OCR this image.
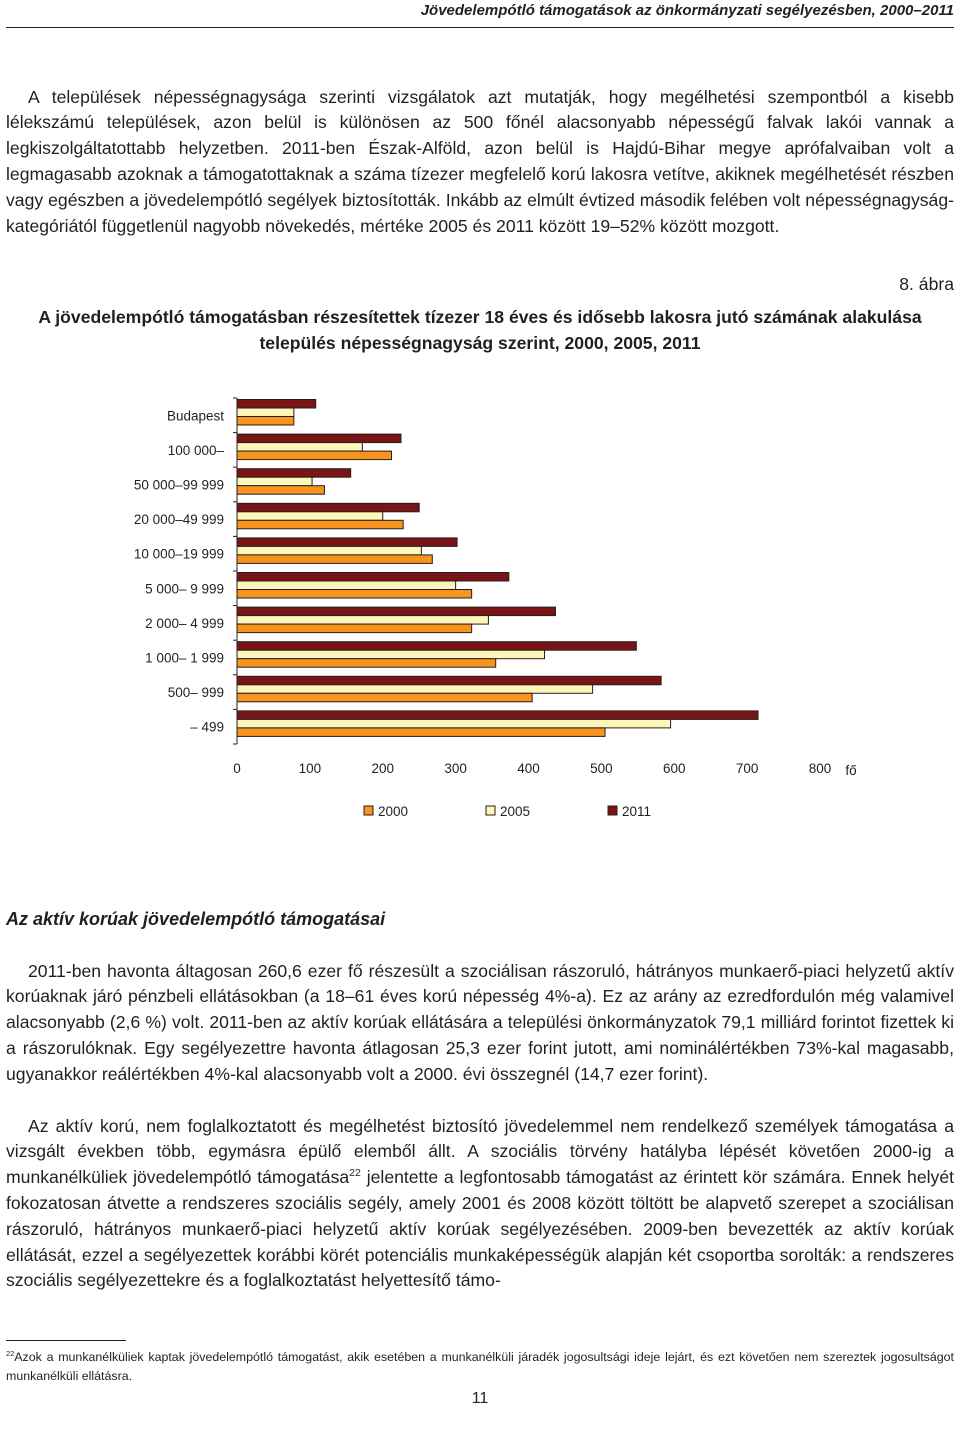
Jövedelempótló támogatások az önkormányzati segélyezésben, 2000–2011

A települések népességnagysága szerinti vizsgálatok azt mutatják, hogy megélhetési szempontból a kisebb lélekszámú települések, azon belül is különösen az 500 főnél alacsonyabb népességű falvak lakói vannak a legkiszolgáltatottabb helyzetben. 2011-ben Észak-Alföld, azon belül is Hajdú-Bihar megye aprófalvaiban volt a legmagasabb azoknak a támogatottaknak a száma tízezer megfelelő korú lakosra vetítve, akiknek megélhetését részben vagy egészben a jövedelempótló segélyek biztosították. Inkább az elmúlt évtized második felében volt népességnagyság-kategóriától függetlenül nagyobb növekedés, mértéke 2005 és 2011 között 19–52% között mozgott.

8. ábra
A jövedelempótló támogatásban részesítettek tízezer 18 éves és idősebb lakosra jutó számának alakulása település népességnagyság szerint, 2000, 2005, 2011
Budapest
100 000–
50 000–99 999
20 000–49 999
10 000–19 999
5 000– 9 999
2 000– 4 999
1 000– 1 999
500– 999
– 499
0	100	200	300	400	500	600	700	800 fő
2000	2005	2011
Az aktív korúak jövedelempótló támogatásai

2011-ben havonta áltagosan 260,6 ezer fő részesült a szociálisan rászoruló, hátrányos munkaerő-piaci helyzetű aktív korúaknak járó pénzbeli ellátásokban (a 18–61 éves korú népesség 4%-a). Ez az arány az ezredfordulón még valamivel alacsonyabb (2,6 %) volt. 2011-ben az aktív korúak ellátására a települési önkormányzatok 79,1 milliárd forintot fizettek ki a rászorulóknak. Egy segélyezettre havonta átlagosan 25,3 ezer forint jutott, ami nominálértékben 73%-kal magasabb, ugyanakkor reálértékben 4%-kal alacsonyabb volt a 2000. évi összegnél (14,7 ezer forint).

Az aktív korú, nem foglalkoztatott és megélhetést biztosító jövedelemmel nem rendelkező személyek támogatása a vizsgált években több, egymásra épülő elemből állt. A szociális törvény hatályba lépését követően 2000-ig a munkanélküliek jövedelempótló támogatása$^{22}$ jelentette a legfontosabb támogatást az érintett kör számára. Ennek helyét fokozatosan átvette a rendszeres szociális segély, amely 2001 és 2008 között töltött be alapvető szerepet a szociálisan rászoruló, hátrányos munkaerő-piaci helyzetű aktív korúak segélyezésében. 2009-ben bevezették az aktív korúak ellátását, ezzel a segélyezettek korábbi körét potenciális munkaképességük alapján két csoportba sorolták: a rendszeres szociális segélyezettekre és a foglalkoztatást helyettesítő támo-

$^{22}$Azok a munkanélküliek kaptak jövedelempótló támogatást, akik esetében a munkanélküli járadék jogosultsági ideje lejárt, és ezt követően nem szereztek jogosultságot munkanélküli ellátásra.
11
